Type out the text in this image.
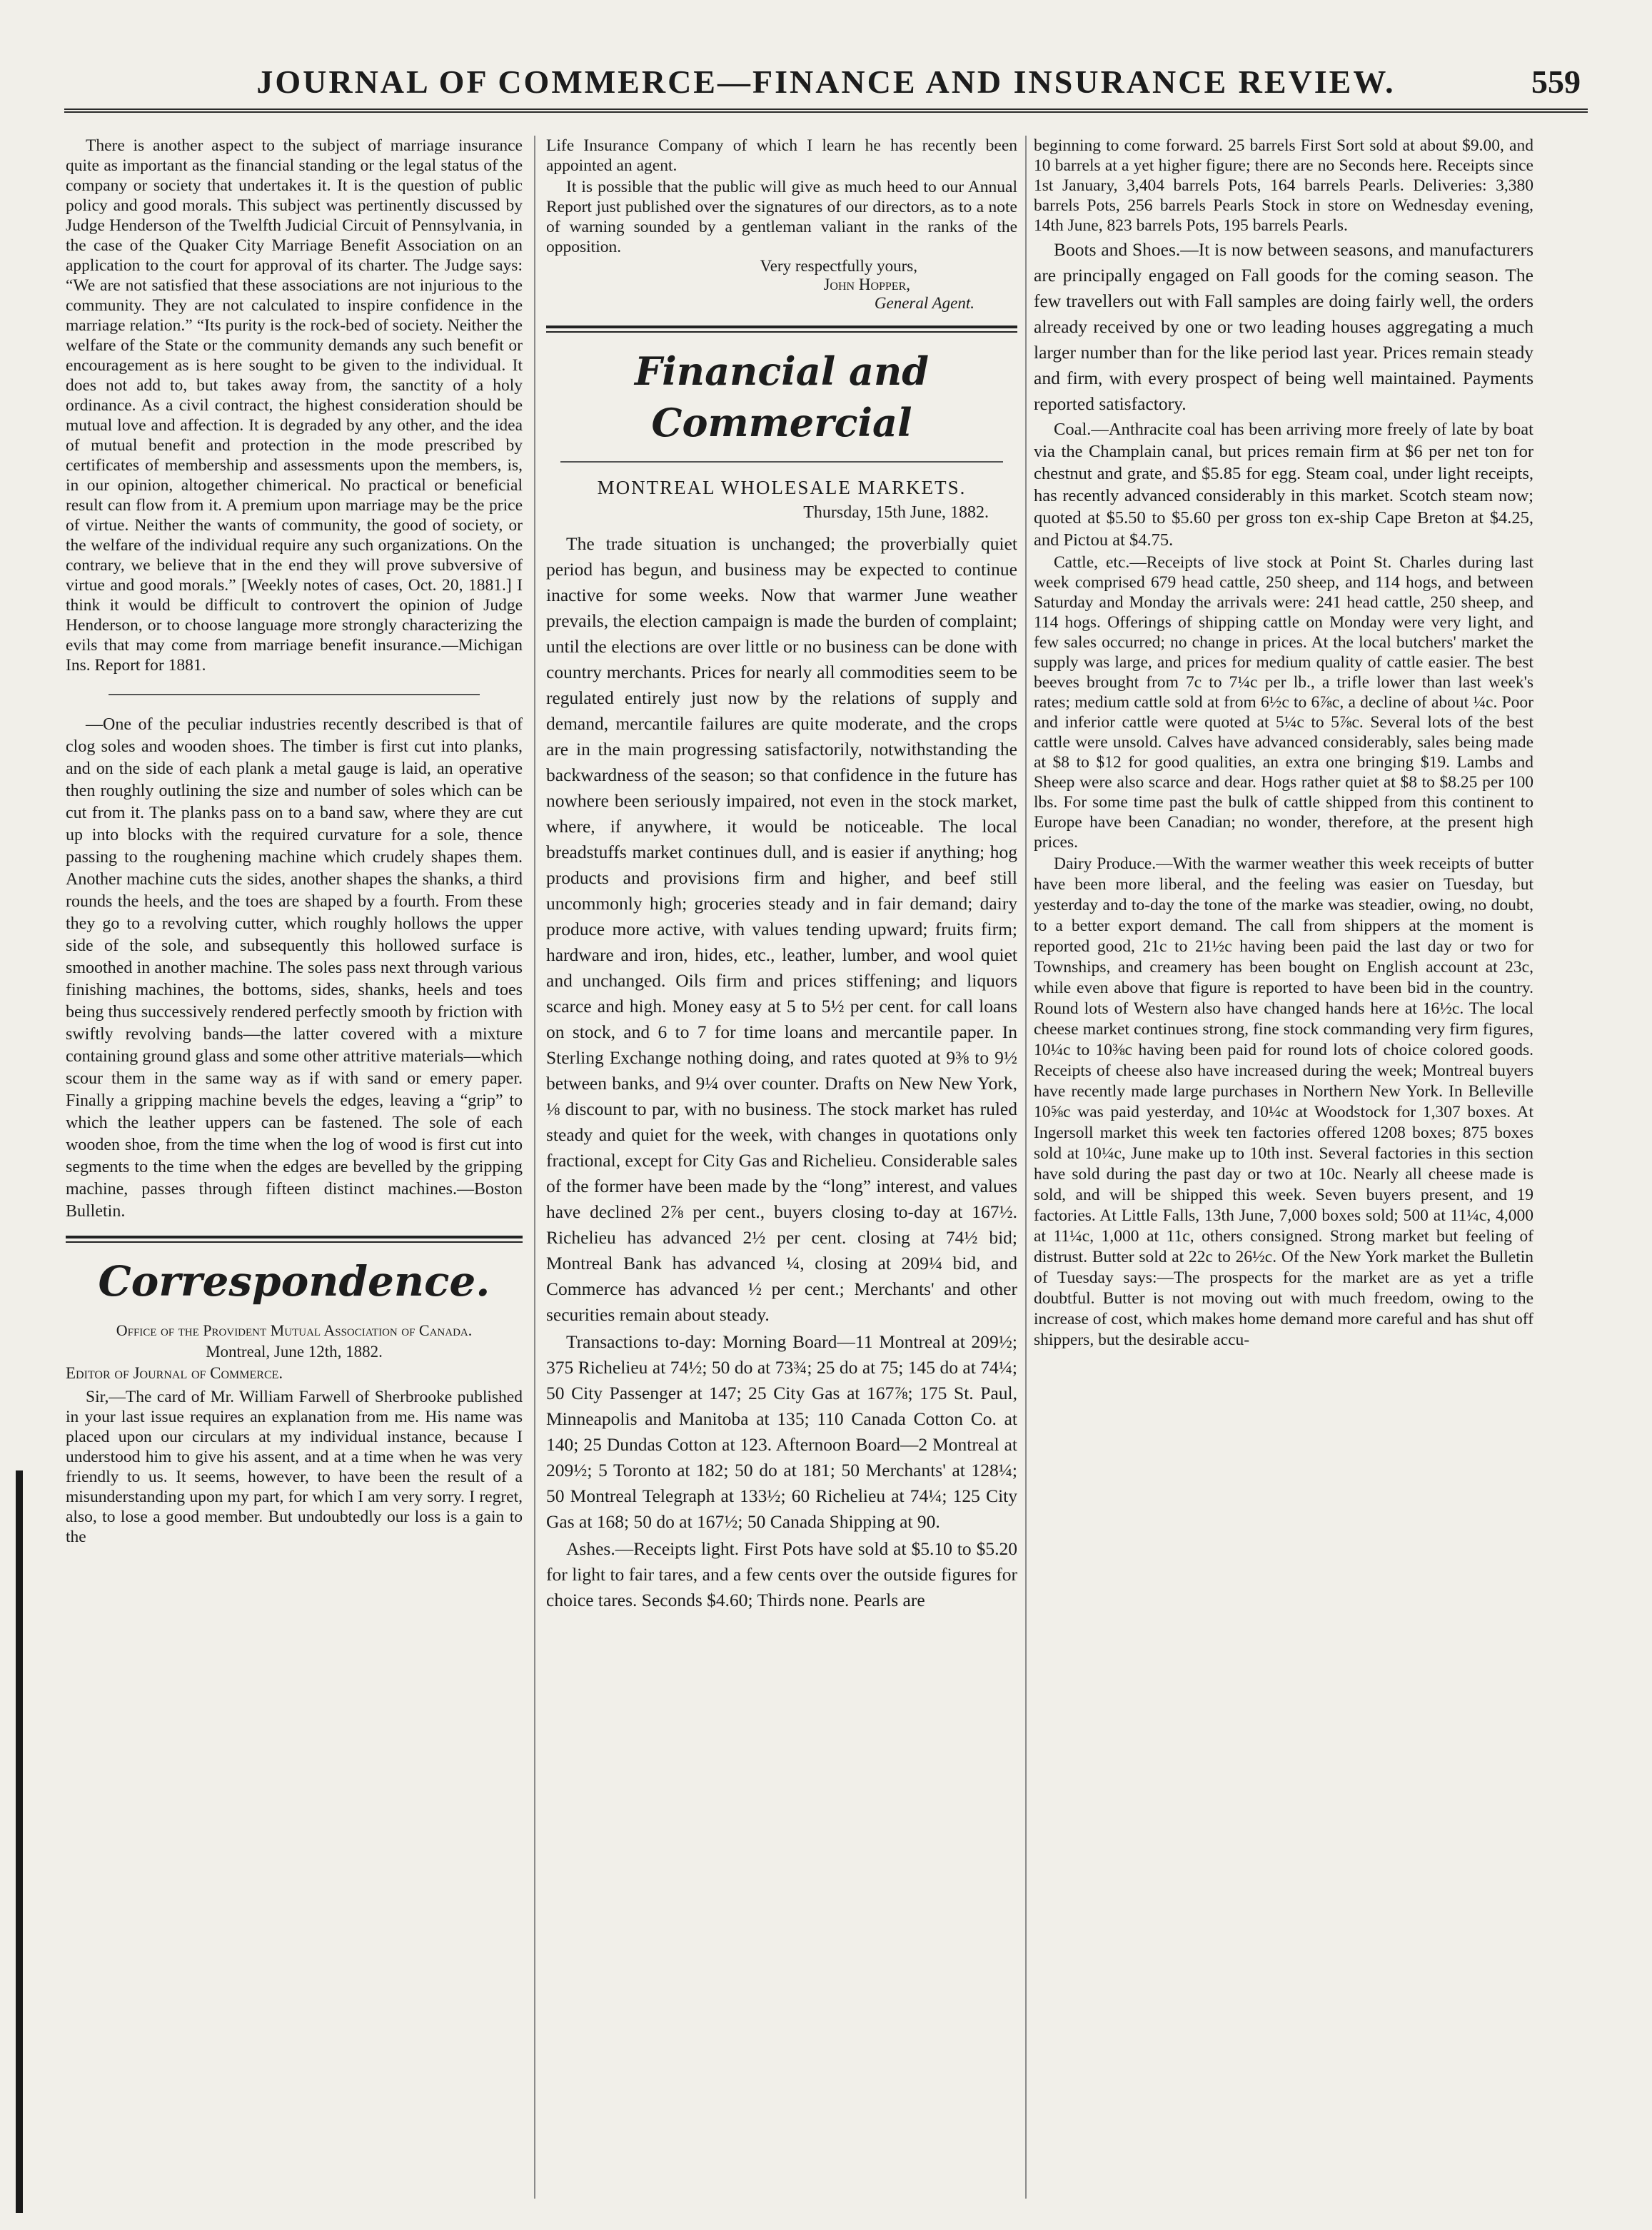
JOURNAL OF COMMERCE—FINANCE AND INSURANCE REVIEW.	559

There is another aspect to the subject of marriage insurance quite as important as the financial standing or the legal status of the company or society that undertakes it. It is the question of public policy and good morals. This subject was pertinently discussed by Judge Henderson of the Twelfth Judicial Circuit of Pennsylvania, in the case of the Quaker City Marriage Benefit Association on an application to the court for approval of its charter. The Judge says: “We are not satisfied that these associations are not injurious to the community. They are not calculated to inspire confidence in the marriage relation.” “Its purity is the rock-bed of society. Neither the welfare of the State or the community demands any such benefit or encouragement as is here sought to be given to the individual. It does not add to, but takes away from, the sanctity of a holy ordinance. As a civil contract, the highest consideration should be mutual love and affection. It is degraded by any other, and the idea of mutual benefit and protection in the mode prescribed by certificates of membership and assessments upon the members, is, in our opinion, altogether chimerical. No practical or beneficial result can flow from it. A premium upon marriage may be the price of virtue. Neither the wants of community, the good of society, or the welfare of the individual require any such organizations. On the contrary, we believe that in the end they will prove subversive of virtue and good morals.” [Weekly notes of cases, Oct. 20, 1881.] I think it would be difficult to controvert the opinion of Judge Henderson, or to choose language more strongly characterizing the evils that may come from marriage benefit insurance.—Michigan Ins. Report for 1881.

—One of the peculiar industries recently described is that of clog soles and wooden shoes. The timber is first cut into planks, and on the side of each plank a metal gauge is laid, an operative then roughly outlining the size and number of soles which can be cut from it. The planks pass on to a band saw, where they are cut up into blocks with the required curvature for a sole, thence passing to the roughening machine which crudely shapes them. Another machine cuts the sides, another shapes the shanks, a third rounds the heels, and the toes are shaped by a fourth. From these they go to a revolving cutter, which roughly hollows the upper side of the sole, and subsequently this hollowed surface is smoothed in another machine. The soles pass next through various finishing machines, the bottoms, sides, shanks, heels and toes being thus successively rendered perfectly smooth by friction with swiftly revolving bands—the latter covered with a mixture containing ground glass and some other attritive materials—which scour them in the same way as if with sand or emery paper. Finally a gripping machine bevels the edges, leaving a “grip” to which the leather uppers can be fastened. The sole of each wooden shoe, from the time when the log of wood is first cut into segments to the time when the edges are bevelled by the gripping machine, passes through fifteen distinct machines.—Boston Bulletin.

Correspondence.
Office of the Provident Mutual Association of Canada.
Montreal, June 12th, 1882.
Editor of Journal of Commerce.

Sir,—The card of Mr. William Farwell of Sherbrooke published in your last issue requires an explanation from me. His name was placed upon our circulars at my individual instance, because I understood him to give his assent, and at a time when he was very friendly to us. It seems, however, to have been the result of a misunderstanding upon my part, for which I am very sorry. I regret, also, to lose a good member. But undoubtedly our loss is a gain to the

Life Insurance Company of which I learn he has recently been appointed an agent.

It is possible that the public will give as much heed to our Annual Report just published over the signatures of our directors, as to a note of warning sounded by a gentleman valiant in the ranks of the opposition.

Very respectfully yours,
John Hopper,
General Agent.
Financial and Commercial
MONTREAL WHOLESALE MARKETS.
Thursday, 15th June, 1882.

The trade situation is unchanged; the proverbially quiet period has begun, and business may be expected to continue inactive for some weeks. Now that warmer June weather prevails, the election campaign is made the burden of complaint; until the elections are over little or no business can be done with country merchants. Prices for nearly all commodities seem to be regulated entirely just now by the relations of supply and demand, mercantile failures are quite moderate, and the crops are in the main progressing satisfactorily, notwithstanding the backwardness of the season; so that confidence in the future has nowhere been seriously impaired, not even in the stock market, where, if anywhere, it would be noticeable. The local breadstuffs market continues dull, and is easier if anything; hog products and provisions firm and higher, and beef still uncommonly high; groceries steady and in fair demand; dairy produce more active, with values tending upward; fruits firm; hardware and iron, hides, etc., leather, lumber, and wool quiet and unchanged. Oils firm and prices stiffening; and liquors scarce and high. Money easy at 5 to 5½ per cent. for call loans on stock, and 6 to 7 for time loans and mercantile paper. In Sterling Exchange nothing doing, and rates quoted at 9⅜ to 9½ between banks, and 9¼ over counter. Drafts on New New York, ⅛ discount to par, with no business. The stock market has ruled steady and quiet for the week, with changes in quotations only fractional, except for City Gas and Richelieu. Considerable sales of the former have been made by the “long” interest, and values have declined 2⅞ per cent., buyers closing to-day at 167½. Richelieu has advanced 2½ per cent. closing at 74½ bid; Montreal Bank has advanced ¼, closing at 209¼ bid, and Commerce has advanced ½ per cent.; Merchants' and other securities remain about steady.

Transactions to-day: Morning Board—11 Montreal at 209½; 375 Richelieu at 74½; 50 do at 73¾; 25 do at 75; 145 do at 74¼; 50 City Passenger at 147; 25 City Gas at 167⅞; 175 St. Paul, Minneapolis and Manitoba at 135; 110 Canada Cotton Co. at 140; 25 Dundas Cotton at 123. Afternoon Board—2 Montreal at 209½; 5 Toronto at 182; 50 do at 181; 50 Merchants' at 128¼; 50 Montreal Telegraph at 133½; 60 Richelieu at 74¼; 125 City Gas at 168; 50 do at 167½; 50 Canada Shipping at 90.

Ashes.—Receipts light. First Pots have sold at $5.10 to $5.20 for light to fair tares, and a few cents over the outside figures for choice tares. Seconds $4.60; Thirds none. Pearls are

beginning to come forward. 25 barrels First Sort sold at about $9.00, and 10 barrels at a yet higher figure; there are no Seconds here. Receipts since 1st January, 3,404 barrels Pots, 164 barrels Pearls. Deliveries: 3,380 barrels Pots, 256 barrels Pearls Stock in store on Wednesday evening, 14th June, 823 barrels Pots, 195 barrels Pearls.

Boots and Shoes.—It is now between seasons, and manufacturers are principally engaged on Fall goods for the coming season. The few travellers out with Fall samples are doing fairly well, the orders already received by one or two leading houses aggregating a much larger number than for the like period last year. Prices remain steady and firm, with every prospect of being well maintained. Payments reported satisfactory.

Coal.—Anthracite coal has been arriving more freely of late by boat via the Champlain canal, but prices remain firm at $6 per net ton for chestnut and grate, and $5.85 for egg. Steam coal, under light receipts, has recently advanced considerably in this market. Scotch steam now; quoted at $5.50 to $5.60 per gross ton ex-ship Cape Breton at $4.25, and Pictou at $4.75.

Cattle, etc.—Receipts of live stock at Point St. Charles during last week comprised 679 head cattle, 250 sheep, and 114 hogs, and between Saturday and Monday the arrivals were: 241 head cattle, 250 sheep, and 114 hogs. Offerings of shipping cattle on Monday were very light, and few sales occurred; no change in prices. At the local butchers' market the supply was large, and prices for medium quality of cattle easier. The best beeves brought from 7c to 7¼c per lb., a trifle lower than last week's rates; medium cattle sold at from 6½c to 6⅞c, a decline of about ¼c. Poor and inferior cattle were quoted at 5¼c to 5⅞c. Several lots of the best cattle were unsold. Calves have advanced considerably, sales being made at $8 to $12 for good qualities, an extra one bringing $19. Lambs and Sheep were also scarce and dear. Hogs rather quiet at $8 to $8.25 per 100 lbs. For some time past the bulk of cattle shipped from this continent to Europe have been Canadian; no wonder, therefore, at the present high prices.

Dairy Produce.—With the warmer weather this week receipts of butter have been more liberal, and the feeling was easier on Tuesday, but yesterday and to-day the tone of the marke was steadier, owing, no doubt, to a better export demand. The call from shippers at the moment is reported good, 21c to 21½c having been paid the last day or two for Townships, and creamery has been bought on English account at 23c, while even above that figure is reported to have been bid in the country. Round lots of Western also have changed hands here at 16½c. The local cheese market continues strong, fine stock commanding very firm figures, 10¼c to 10⅜c having been paid for round lots of choice colored goods. Receipts of cheese also have increased during the week; Montreal buyers have recently made large purchases in Northern New York. In Belleville 10⅝c was paid yesterday, and 10¼c at Woodstock for 1,307 boxes. At Ingersoll market this week ten factories offered 1208 boxes; 875 boxes sold at 10¼c, June make up to 10th inst. Several factories in this section have sold during the past day or two at 10c. Nearly all cheese made is sold, and will be shipped this week. Seven buyers present, and 19 factories. At Little Falls, 13th June, 7,000 boxes sold; 500 at 11¼c, 4,000 at 11¼c, 1,000 at 11c, others consigned. Strong market but feeling of distrust. Butter sold at 22c to 26½c. Of the New York market the Bulletin of Tuesday says:—The prospects for the market are as yet a trifle doubtful. Butter is not moving out with much freedom, owing to the increase of cost, which makes home demand more careful and has shut off shippers, but the desirable accu-
